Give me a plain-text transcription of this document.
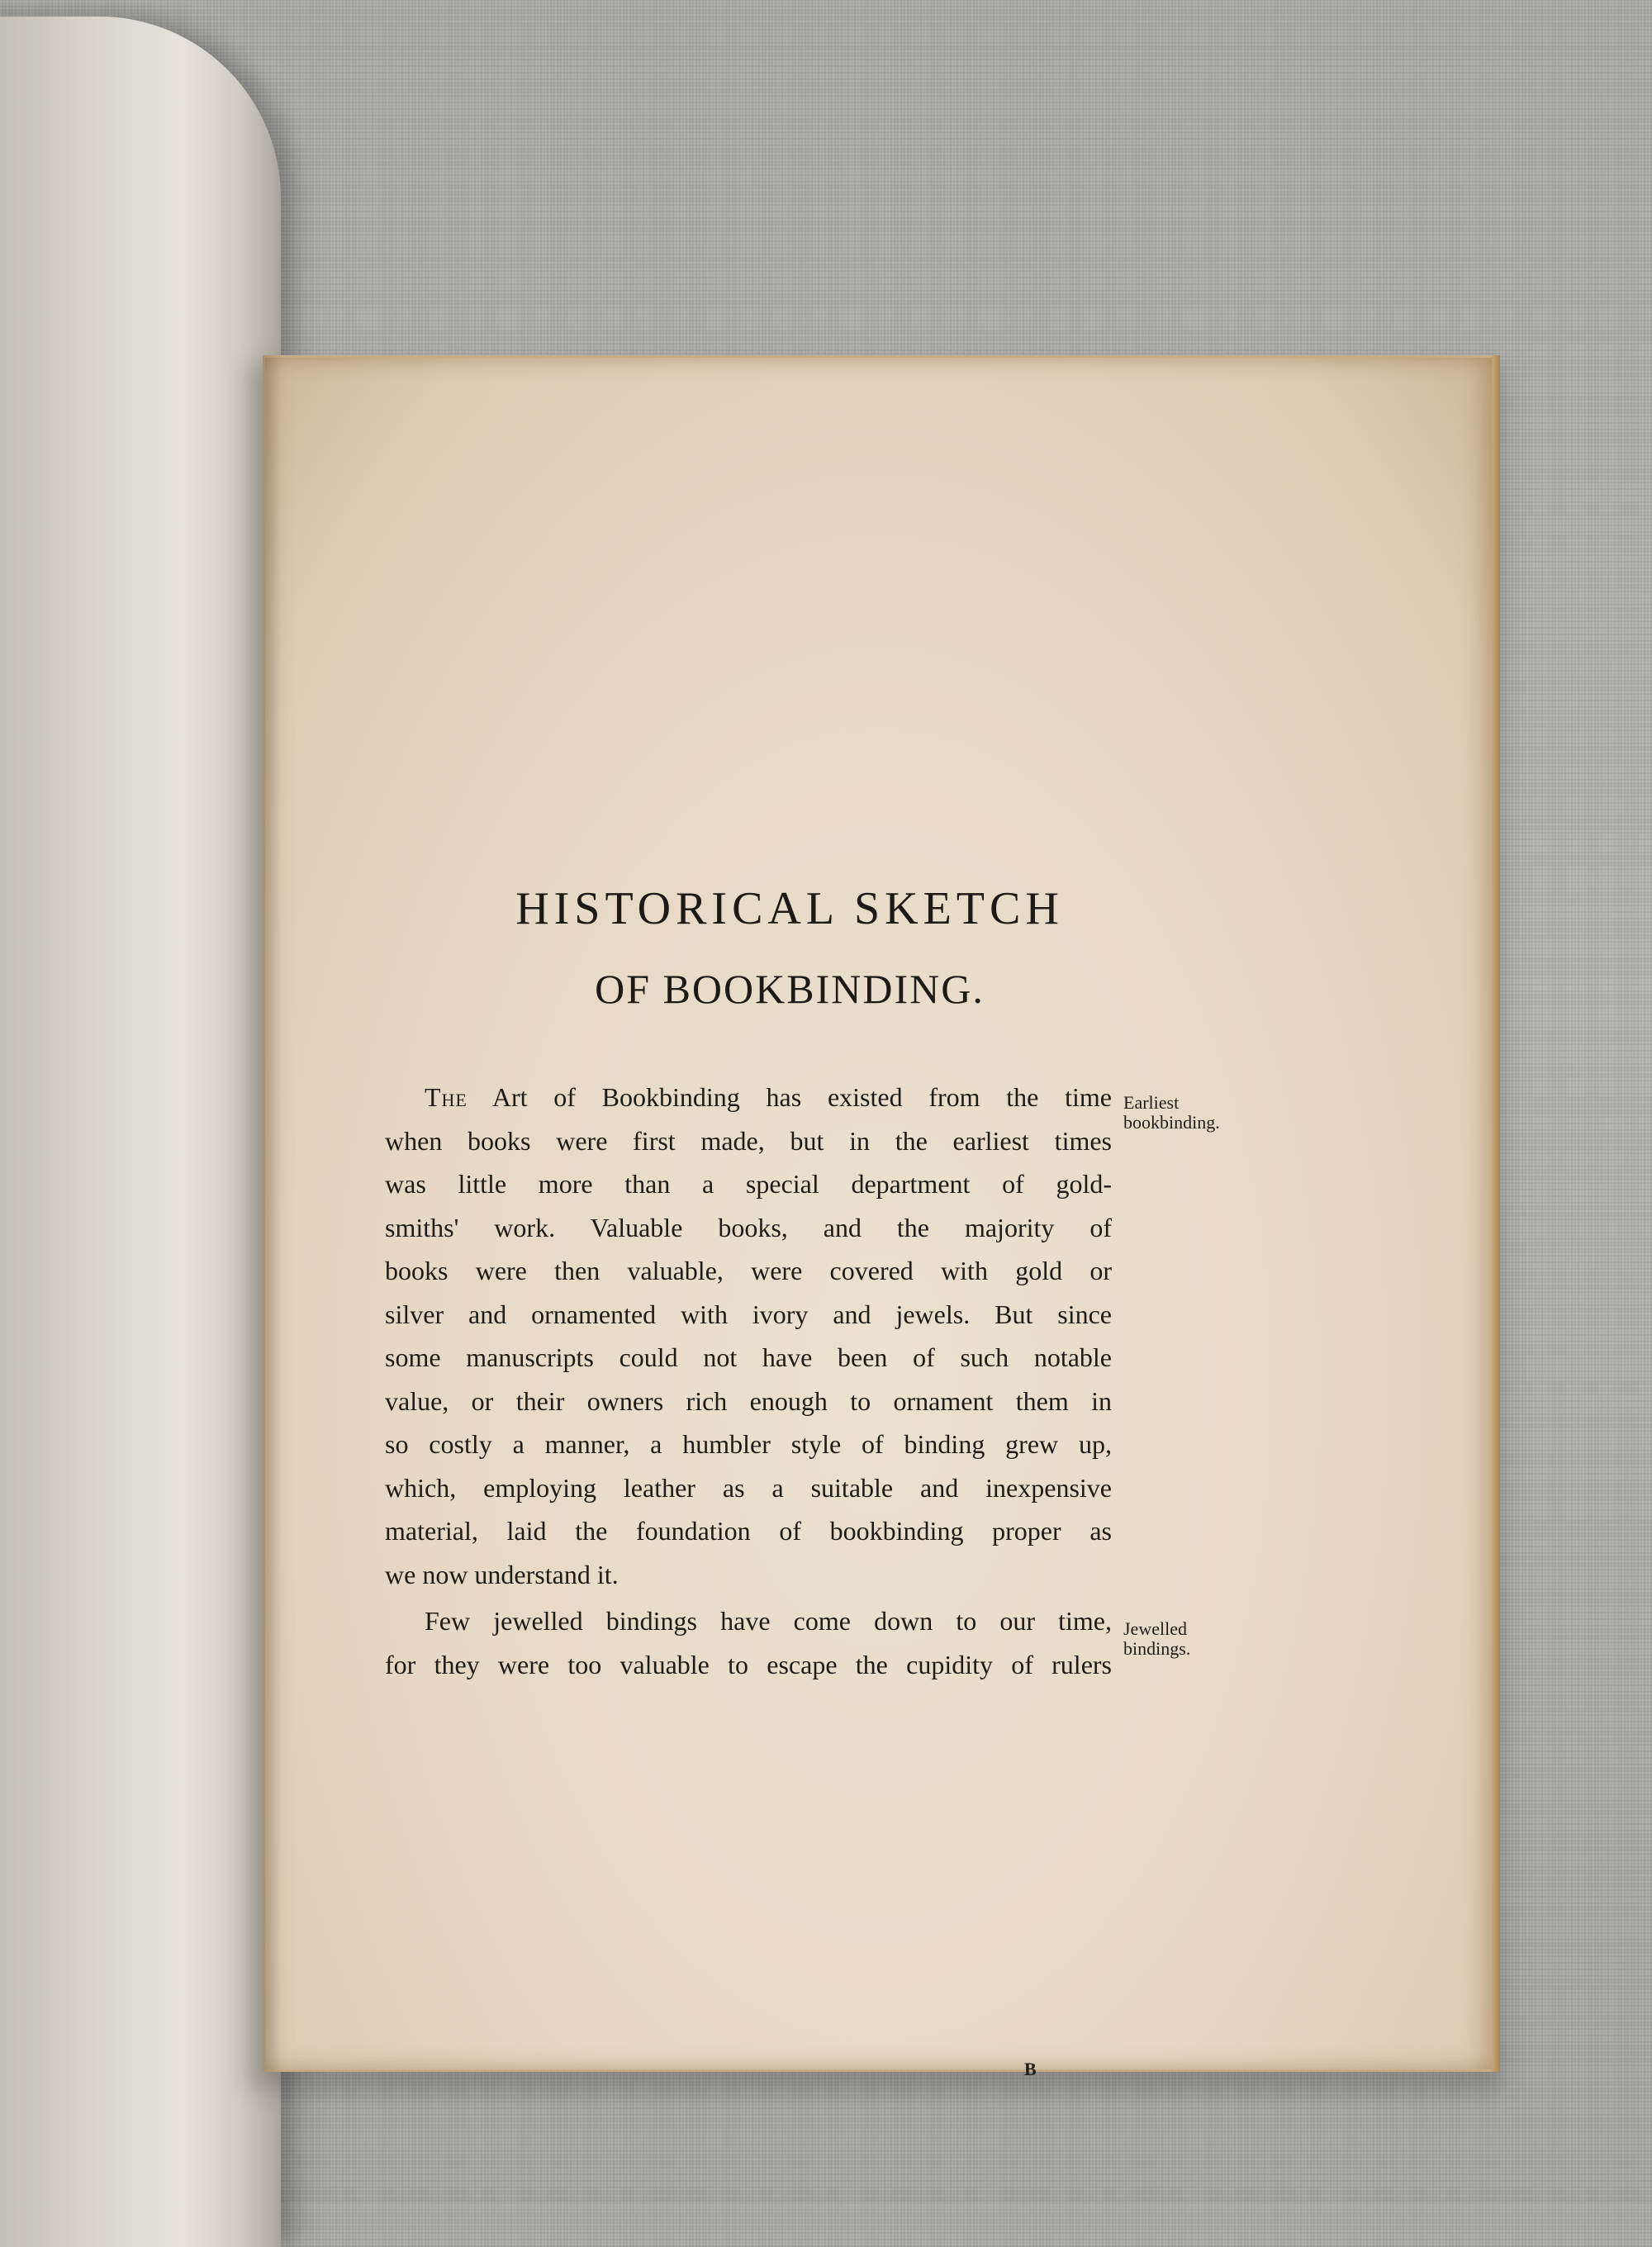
HISTORICAL SKETCH
OF BOOKBINDING.
The Art of Bookbinding has existed from the time
when books were first made, but in the earliest times
was little more than a special department of gold-
smiths' work. Valuable books, and the majority of
books were then valuable, were covered with gold or
silver and ornamented with ivory and jewels. But since
some manuscripts could not have been of such notable
value, or their owners rich enough to ornament them in
so costly a manner, a humbler style of binding grew up,
which, employing leather as a suitable and inexpensive
material, laid the foundation of bookbinding proper as
we now understand it.
Earliest
bookbinding.
Few jewelled bindings have come down to our time,
for they were too valuable to escape the cupidity of rulers
Jewelled
bindings.
B
